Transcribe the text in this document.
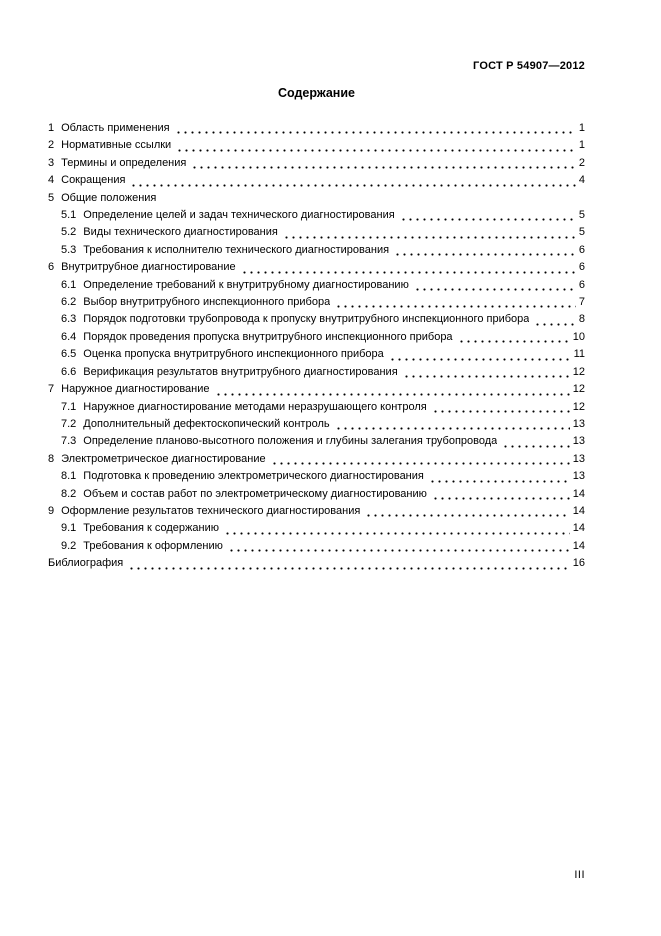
ГОСТ Р 54907—2012
Содержание
1 Область применения	1
2 Нормативные ссылки	1
3 Термины и определения	2
4 Сокращения	4
5 Общие положения
5.1 Определение целей и задач технического диагностирования	5
5.2 Виды технического диагностирования	5
5.3 Требования к исполнителю технического диагностирования	6
6 Внутритрубное диагностирование	6
6.1 Определение требований к внутритрубному диагностированию	6
6.2 Выбор внутритрубного инспекционного прибора	7
6.3 Порядок подготовки трубопровода к пропуску внутритрубного инспекционного прибора	8
6.4 Порядок проведения пропуска внутритрубного инспекционного прибора	10
6.5 Оценка пропуска внутритрубного инспекционного прибора	11
6.6 Верификация результатов внутритрубного диагностирования	12
7 Наружное диагностирование	12
7.1 Наружное диагностирование методами неразрушающего контроля	12
7.2 Дополнительный дефектоскопический контроль	13
7.3 Определение планово-высотного положения и глубины залегания трубопровода	13
8 Электрометрическое диагностирование	13
8.1 Подготовка к проведению электрометрического диагностирования	13
8.2 Объем и состав работ по электрометрическому диагностированию	14
9 Оформление результатов технического диагностирования	14
9.1 Требования к содержанию	14
9.2 Требования к оформлению	14
Библиография	16
III
